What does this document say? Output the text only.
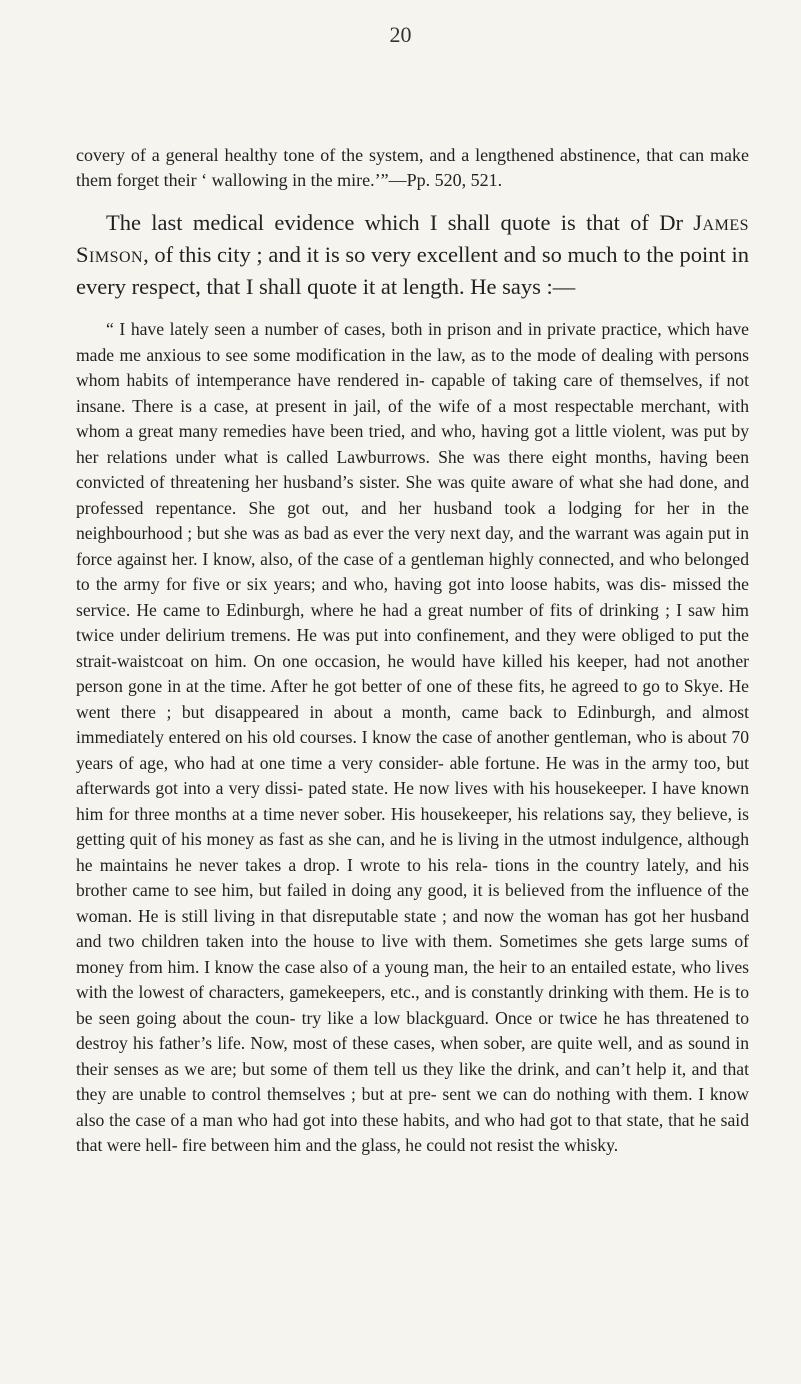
20

covery of a general healthy tone of the system, and a lengthened abstinence, that can make them forget their ‘ wallowing in the mire.’”—Pp. 520, 521.

The last medical evidence which I shall quote is that of Dr James Simson, of this city ; and it is so very excellent and so much to the point in every respect, that I shall quote it at length. He says :—

“ I have lately seen a number of cases, both in prison and in private practice, which have made me anxious to see some modification in the law, as to the mode of dealing with persons whom habits of intemperance have rendered in- capable of taking care of themselves, if not insane. There is a case, at present in jail, of the wife of a most respectable merchant, with whom a great many remedies have been tried, and who, having got a little violent, was put by her relations under what is called Lawburrows. She was there eight months, having been convicted of threatening her husband’s sister. She was quite aware of what she had done, and professed repentance. She got out, and her husband took a lodging for her in the neighbourhood ; but she was as bad as ever the very next day, and the warrant was again put in force against her. I know, also, of the case of a gentleman highly connected, and who belonged to the army for five or six years; and who, having got into loose habits, was dis- missed the service. He came to Edinburgh, where he had a great number of fits of drinking ; I saw him twice under delirium tremens. He was put into confinement, and they were obliged to put the strait-waistcoat on him. On one occasion, he would have killed his keeper, had not another person gone in at the time. After he got better of one of these fits, he agreed to go to Skye. He went there ; but disappeared in about a month, came back to Edinburgh, and almost immediately entered on his old courses. I know the case of another gentleman, who is about 70 years of age, who had at one time a very consider- able fortune. He was in the army too, but afterwards got into a very dissi- pated state. He now lives with his housekeeper. I have known him for three months at a time never sober. His housekeeper, his relations say, they believe, is getting quit of his money as fast as she can, and he is living in the utmost indulgence, although he maintains he never takes a drop. I wrote to his rela- tions in the country lately, and his brother came to see him, but failed in doing any good, it is believed from the influence of the woman. He is still living in that disreputable state ; and now the woman has got her husband and two children taken into the house to live with them. Sometimes she gets large sums of money from him. I know the case also of a young man, the heir to an entailed estate, who lives with the lowest of characters, gamekeepers, etc., and is constantly drinking with them. He is to be seen going about the coun- try like a low blackguard. Once or twice he has threatened to destroy his father’s life. Now, most of these cases, when sober, are quite well, and as sound in their senses as we are; but some of them tell us they like the drink, and can’t help it, and that they are unable to control themselves ; but at pre- sent we can do nothing with them. I know also the case of a man who had got into these habits, and who had got to that state, that he said that were hell- fire between him and the glass, he could not resist the whisky.
